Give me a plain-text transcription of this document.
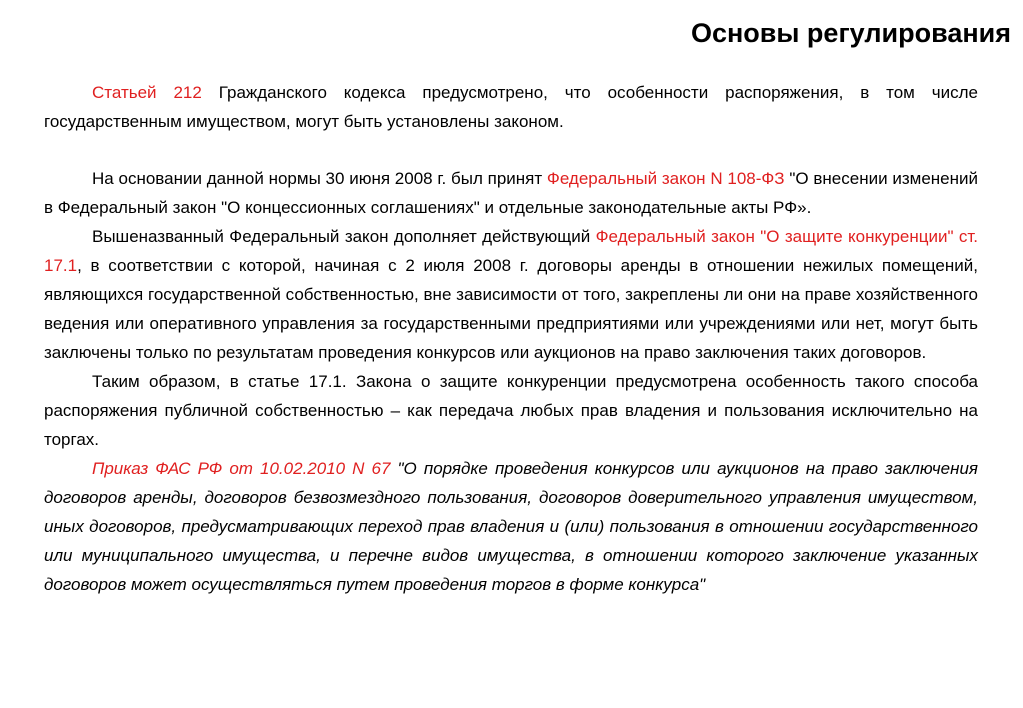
Основы регулирования

Статьей 212 Гражданского кодекса предусмотрено, что особенности распоряжения, в том числе государственным имуществом, могут быть установлены законом.

На основании данной нормы 30 июня 2008 г. был принят Федеральный закон N 108-ФЗ "О внесении изменений в Федеральный закон "О концессионных соглашениях" и отдельные законодательные акты РФ».

Вышеназванный Федеральный закон дополняет действующий Федеральный закон "О защите конкуренции" ст. 17.1, в соответствии с которой, начиная с 2 июля 2008 г. договоры аренды в отношении нежилых помещений, являющихся государственной собственностью, вне зависимости от того, закреплены ли они на праве хозяйственного ведения или оперативного управления за государственными предприятиями или учреждениями или нет, могут быть заключены только по результатам проведения конкурсов или аукционов на право заключения таких договоров.

Таким образом, в статье 17.1. Закона о защите конкуренции предусмотрена особенность такого способа распоряжения публичной собственностью – как передача любых прав владения и пользования исключительно на торгах.

Приказ ФАС РФ от 10.02.2010 N 67 "О порядке проведения конкурсов или аукционов на право заключения договоров аренды, договоров безвозмездного пользования, договоров доверительного управления имуществом, иных договоров, предусматривающих переход прав владения и (или) пользования в отношении государственного или муниципального имущества, и перечне видов имущества, в отношении которого заключение указанных договоров может осуществляться путем проведения торгов в форме конкурса"
